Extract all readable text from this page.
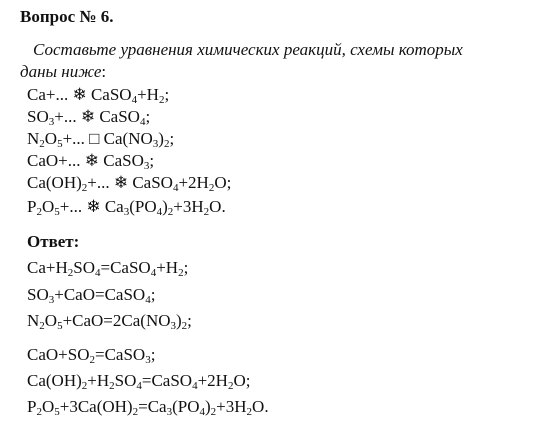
Вопрос № 6.
Составьте уравнения химических реакций, схемы которых
даны ниже:
Ca+... ❄ $CaSO_4+H_2$;
$SO_3+$... ❄ CaSO$_4$;
$N_2O_5+$... □ $Ca(NO_3)_2$;
CaO+... ❄ CaSO$_3$;
$Ca(OH)_2+$... ❄ $CaSO_4+2H_2O$;
$P_2O_5+$... ❄ $Ca_3(PO_4)_2+3H_2O$.
Ответ:
$Ca+H_2SO_4=CaSO_4+H_2$;
$SO_3+CaO=CaSO_4$;
$N_2O_5+CaO=2Ca(NO_3)_2$;
$CaO+SO_2=CaSO_3$;
$Ca(OH)_2+H_2SO_4=CaSO_4+2H_2O$;
$P_2O_5+3Ca(OH)_2=Ca_3(PO_4)_2+3H_2O$.
